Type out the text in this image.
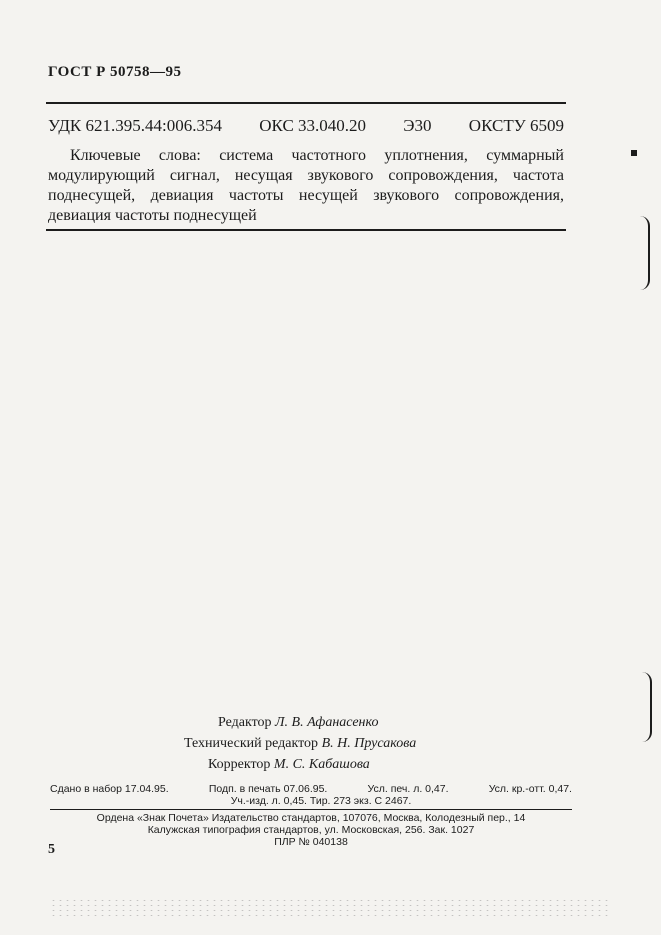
ГОСТ Р 50758—95
УДК 621.395.44:006.354 ОКС 33.040.20 Э30 ОКСТУ 6509
Ключевые слова: система частотного уплотнения, суммарный модулирующий сигнал, несущая звукового сопровождения, частота поднесущей, девиация частоты несущей звукового сопровождения, девиация частоты поднесущей
Редактор Л. В. Афанасенко
Технический редактор В. Н. Прусакова
Корректор М. С. Кабашова
Сдано в набор 17.04.95.	Подп. в печать 07.06.95.	Усл. печ. л. 0,47.	Усл. кр.-отт. 0,47.
Уч.-изд. л. 0,45. Тир. 273 экз. С 2467.
Ордена «Знак Почета» Издательство стандартов, 107076, Москва, Колодезный пер., 14
Калужская типография стандартов, ул. Московская, 256. Зак. 1027
ПЛР № 040138
5
